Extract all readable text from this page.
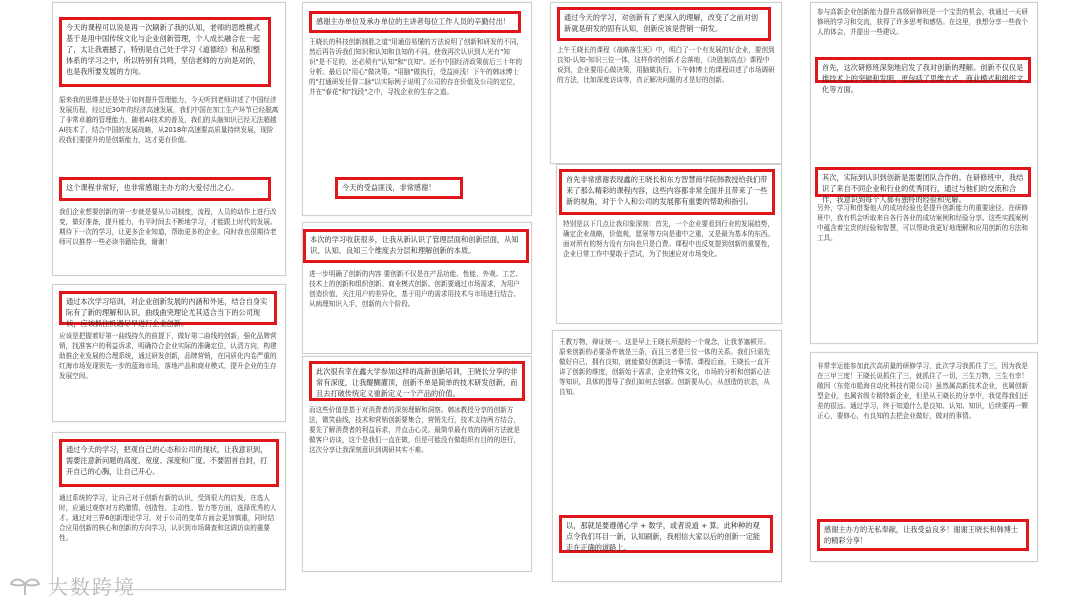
今天的课程可以说是再一次刷新了我的认知，老师的思维模式基于是用中国传统文化与企业创新管理，个人成长融合在一起了，太让我震撼了，特别是自己处于学习《道德经》和品和整体系的学习之中，所以特别有共鸣，坚信老师的方向是对的，也是我所要发展的方向。
原来我的思维是还是处于如何提升管理能力，今天听到老师讲述了中国经济发展历程，经过近30年的经济高速发展，我们中国在加工生产环节已经脱离了非常卓越的管理能力，随着AI技术的普及，我们的头脑知识已经无法超越AI技术了，结合中国的发展战略，从2018年高速要高质量持续发展，现阶段我们要提升的是创新能力，这才更有价值。
这个课程非常好，也非常感谢主办方的大爱付出之心。
我们企业想要创新的第一步就是要从公司制度，流程，人员的动作上进行改变，做好准备，提升能力，有平时间去不断地学习，才能跟上时代的发展。期待下一次的学习，让更多企业知道，帮助更多的企业。同时我也很期待老师可以推荐一些必读书籍给我，谢谢！
通过本次学习培训，对企业创新发展的内涵和外延，结合自身实际有了新的理解和认识，曲线曲突理论尤其适合当下的公司现状，应该抓住机遇尽早进行企业创新。
应该是把握着好第一曲线持久的前提下，做好第二曲线的创新，强化品牌营销，找准客户的利益诉求，明确符合企业实际的准确定位，认清方向，构建助推企业发展的合理系统，通过研发创新，品牌营销，在同质化内卷严重的红海市场发现领先一步的蓝海市场，落地产品和商业模式，提升企业的生存发展空间。
通过今天的学习，把观自己的心态和公司的现状，让我意识到，需要注意新问题的高度、宽度、深度和广度。不要固首自封，打开自己的心胸，让自己开心。
通过系统的学习，让自己对于创新有新的认识，受到很大的启发，在选人时，应通过观察对方的激情、创造性、主动性、智力等方面，选择优秀的人才。通过对三界6创新理论学习，对于公司的变革方面会更加慎重，同时结合应用创新的核心和创新的方向学习，认识到市场调查和这调访谈的重要性。
感谢主办单位及承办单位的主讲者每位工作人员的辛勤付出！
王晓长的科技创新制胜之道"用通俗易懂的方法说明了创新和研发的不同，然后再告诉我们知识和认知和良知的不同。使我再次认识到人光有"知识"是不足的，还必须有"认知"和"良知"。还有中国经济政策前后三十年的分析。最后以"用心"做决策。"用脑"做执行，受益匪浅！下午的韩冰博士的"打通研发任督二脉"以实际例子说明了公司的存在价值及公司的定位，并在"春花"和"找段"之中，寻找企业的生存之道。
今天的受益匪浅，非常感谢！
本次的学习收获很多，让我从新认识了管理层面和创新层面，从知识、认知、良知三个维度去分层和理解创新的本质。
进一步明确了创新的内容 要创新不仅是在产品功能、性能、外观、工艺、技术上的创新和组织创新、商业模式创新。创新要通过市场需求，为用户创造价值，关注用户的差异化，基于用户的需求用技术与市场进行结合。从病理知识入手，创新的六个阶段。
此次很有幸在鑫大学参加这样的高新创新培训，王晓长分享的非常有深度，让我醍醐灌顶，创新不单是简单的技术研发创新，而且去打破传统定义重新定义一个产品的价值。
而这些价值是基于对消费者的深刻理解和洞察。韩冰教授分享的创新方法，微笑曲线，技术和营销创新要集合，营销先行，技术支持两方结合，要先了解消费者的利益诉求，并直击心灵。最简单最有效的调研方法就是做客户访谈，这个是我们一直在做，但是可能没有做组织有目的的进行，这次分享让我深刻意识到调研其实不难。
通过今天的学习，对创新有了更深入的理解，改变了之前对创新就是研发的固有认知，创新应该是营销一研发。
上午王晓长的课程《战略落生死》中，明白了一个有发展的好企业，要创到良知-认知-知识三位一体，这样你的创新才会落地，《决胜制高点》课程中说到，企业要用心做决策，用脑做执行。下午韩博士的课程讲述了市场调研的方法，比如深度访谈等，真正解决问题的才是好的创新。
首先非常感谢表现鑫的王晓长和东方智慧商学院韩教授给我们带来了那么精彩的课程内容，这些内容都非常全面并且带来了一些新的视角，对于个人和公司的发展都有重要的帮助和指引。
特别是以下几点让我印象深刻：首先，一个企业要看到行业的发展趋势，确定企业战略，价值观，愿景等方向是重中之重，又是最为基本的东西。面对所有的努力没有方向也只是白费。课程中也反复提到创新的重要性，企业日常工作中要敢于尝试，为了快速应对市场变化。
王教万物，辩证统一。这是早上王晓长所提的一个观念，让我茅塞顿开。原来创新的必要条件就是三条，而且三者是三位一体的关系。我们只需先做好自己，拥有良知，就能做好创新这一事情。课程后面，王晓长一直开讲了创新的维度，创新始于需求，企业特殊文化，市场的分析和创新心法等知识，具体的指导了我们如何去创新。创新要从心，从创造的状态，从良知。
以，那就是要遵循心学 + 数学，或者说道 + 算。此种种的观点令我们耳目一新，认知刷新，我相信大家以后的创新一定能走在正确的道路上。
参与高新企业创新能力提升高级研修班是一个宝贵的机会，我通过一天研修班的学习和交流，获得了许多思考和感悟。在这里，我想分享一些我个人的体会，并提出一些建议。
首先，这次研修班深刻地启发了我对创新的理解。创新不仅仅是推技术上的突破和发明，更包括了思维方式、商业模式和组织文化等方面。
其次，实际到认识到创新是需要团队合作的。在研修班中，我结识了来自不同企业和行业的优秀同行，通过与他们的交流和合作，我意识到每个人都有独特的经验和见解。
另外，学习和借鉴他人的成功经验也是提升创新能力的重要途径。在研修班中，我有机会听取来自各行各业的成功案例和经验分享。这些实践案例中蕴含着宝贵的经验和智慧，可以帮助我更好地理解和应用创新的方法和工具。
非常幸运能参加此次高质量的研修学习，此次学习我抓住了三，因为我是在三甲三度！王晓长说抓住了三，就抓住了一切，三生万物，三生有幸！敞因（东莞市船海自动化科技有限公司）虽然属高新技术企业，也属创新型企业，也属省级专精特新企业，但是从王晓长的分享中，我觉得我们还差的很远。通过学习，终于知道什么是良知、认知、知识，后续要再一颗正心，要修心，有良知的去把企业做好，做对的事情。
感谢主办方的无私奉献，让我受益良多！谢谢王晓长和韩博士的精彩分享！
大数跨境
